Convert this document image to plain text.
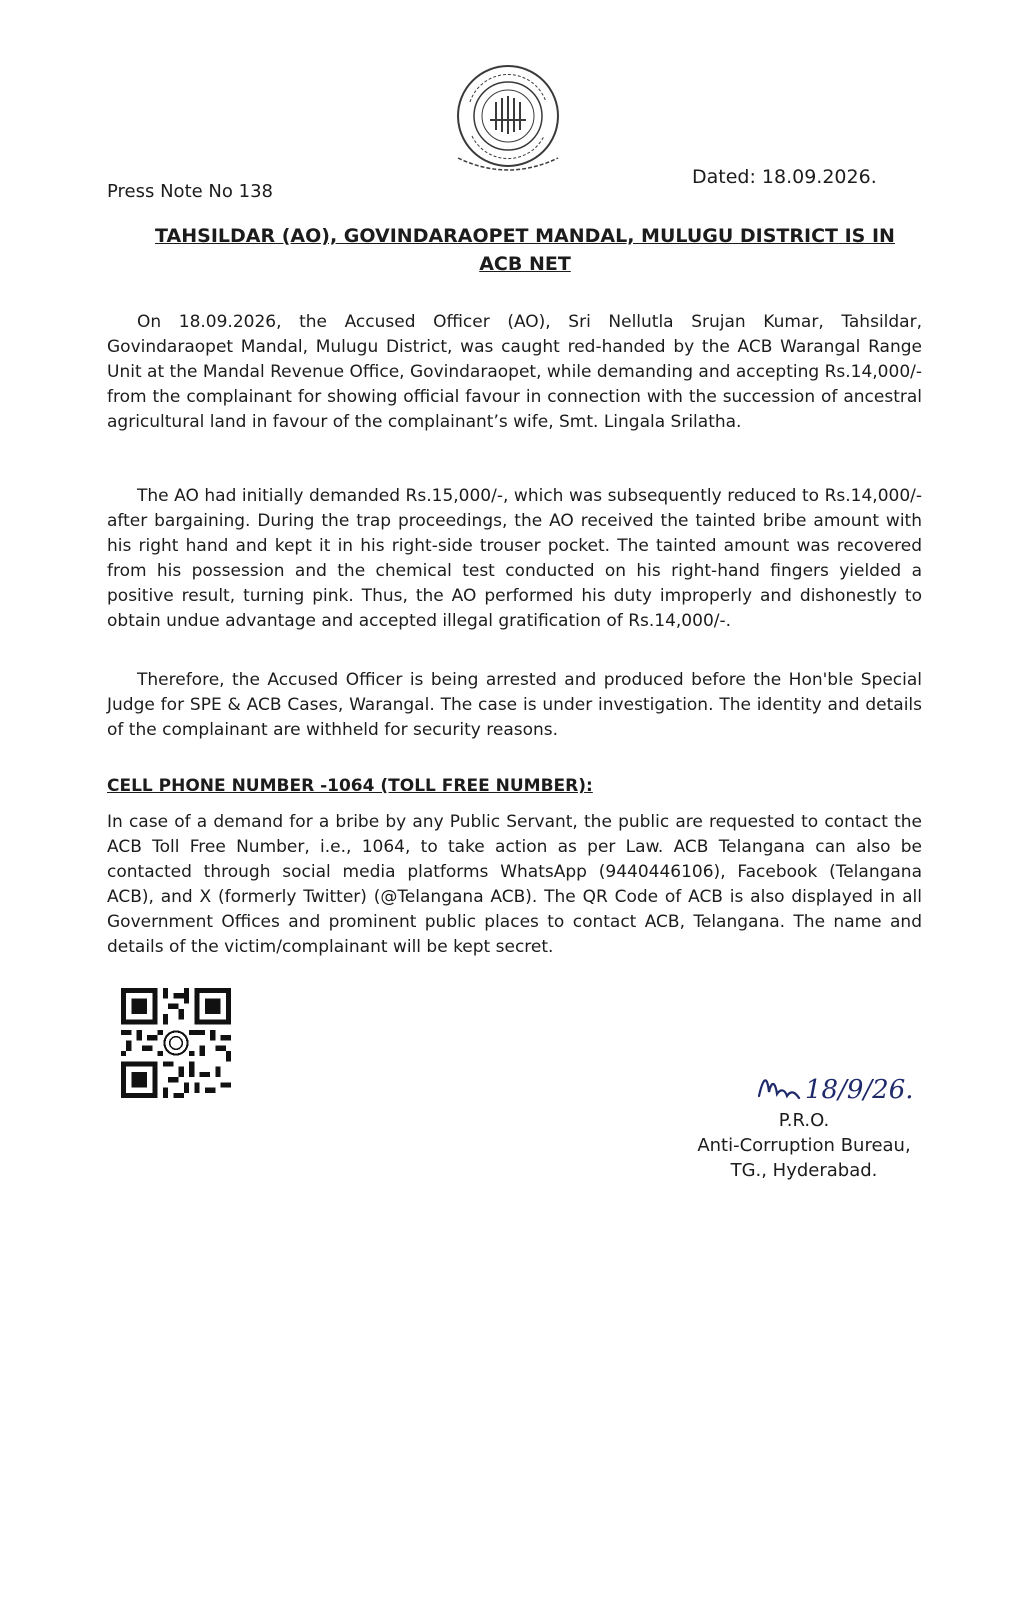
Press Note No 138
Dated: 18.09.2026.
TAHSILDAR (AO), GOVINDARAOPET MANDAL, MULUGU DISTRICT IS IN
ACB NET

On 18.09.2026, the Accused Officer (AO), Sri Nellutla Srujan Kumar, Tahsildar, Govindaraopet Mandal, Mulugu District, was caught red-handed by the ACB Warangal Range Unit at the Mandal Revenue Office, Govindaraopet, while demanding and accepting Rs.14,000/- from the complainant for showing official favour in connection with the succession of ancestral agricultural land in favour of the complainant’s wife, Smt. Lingala Srilatha.

The AO had initially demanded Rs.15,000/-, which was subsequently reduced to Rs.14,000/- after bargaining. During the trap proceedings, the AO received the tainted bribe amount with his right hand and kept it in his right-side trouser pocket. The tainted amount was recovered from his possession and the chemical test conducted on his right-hand fingers yielded a positive result, turning pink. Thus, the AO performed his duty improperly and dishonestly to obtain undue advantage and accepted illegal gratification of Rs.14,000/-.

Therefore, the Accused Officer is being arrested and produced before the Hon'ble Special Judge for SPE & ACB Cases, Warangal. The case is under investigation. The identity and details of the complainant are withheld for security reasons.

CELL PHONE NUMBER -1064 (TOLL FREE NUMBER):

In case of a demand for a bribe by any Public Servant, the public are requested to contact the ACB Toll Free Number, i.e., 1064, to take action as per Law. ACB Telangana can also be contacted through social media platforms WhatsApp (9440446106), Facebook (Telangana ACB), and X (formerly Twitter) (@Telangana ACB). The QR Code of ACB is also displayed in all Government Offices and prominent public places to contact ACB, Telangana. The name and details of the victim/complainant will be kept secret.

18/9/26.
P.R.O.
Anti-Corruption Bureau,
TG., Hyderabad.
